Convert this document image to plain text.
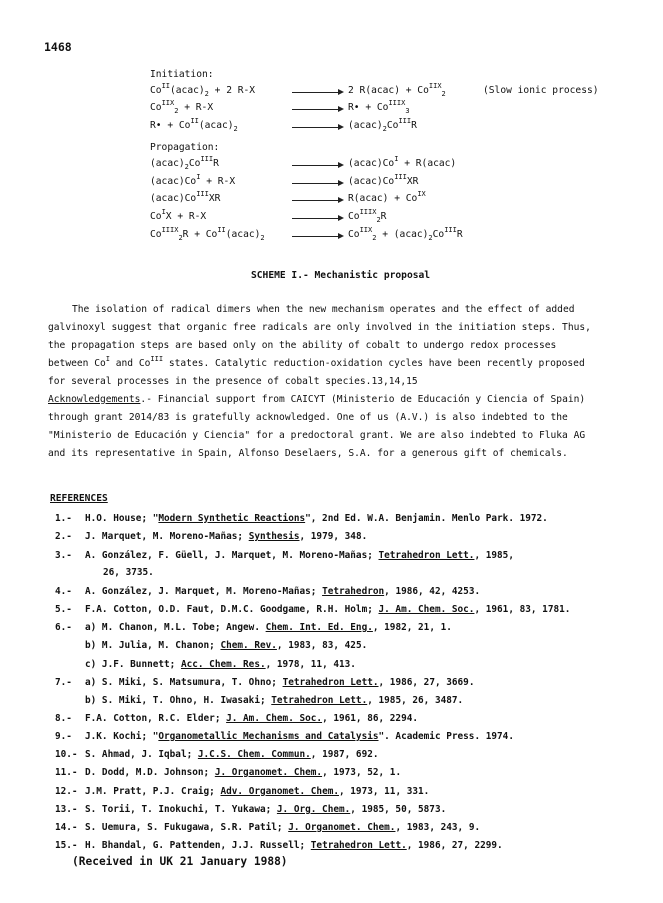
1468
Initiation:
Propagation:
$Co^{II}(acac)_2 + 2$ R-X → 2 R(acac) + $Co^{IIX}_2$	(Slow ionic process)
$Co^{IIX}_2 + R-X$	→ R• + $Co^{IIIX}_3$
R• + $Co^{II}(acac)_2$	→ $(acac)_2Co^{III}R$
$(acac)_2Co^{III}R$	→ $(acac)Co^I$ + R(acac)
$(acac)Co^I + R-X$	→ $(acac)Co^{III}XR$
$(acac)Co^{III}XR$	→ R(acac) + $Co^{IX}$
$Co^IX + R-X$	→ $Co^{IIIX}_2R$
$Co^{IIIX}_2R$ + $Co^{II}(acac)_2 \to Co^{IIX}_2$ + $(acac)_2Co^{III}R$
SCHEME I.- Mechanistic proposal
The isolation of radical dimers when the new mechanism operates and the effect of added
galvinoxyl suggest that organic free radicals are only involved in the initiation steps. Thus,
the propagation steps are based only on the ability of cobalt to undergo redox processes
between $Co^I$ and $Co^{III}$ states. Catalytic reduction-oxidation cycles have been recently proposed
for several processes in the presence of cobalt species.13,14,15
Acknowledgements.- Financial support from CAICYT (Ministerio de Educación y Ciencia of Spain)
through grant 2014/83 is gratefully acknowledged. One of us (A.V.) is also indebted to the
"Ministerio de Educación y Ciencia" for a predoctoral grant. We are also indebted to Fluka AG
and its representative in Spain, Alfonso Deselaers, S.A. for a generous gift of chemicals.
REFERENCES
1.- H.O. House; "Modern Synthetic Reactions", 2nd Ed. W.A. Benjamin. Menlo Park. 1972.
2.- J. Marquet, M. Moreno-Mañas; Synthesis, 1979, 348.
3.- A. González, F. Güell, J. Marquet, M. Moreno-Mañas; Tetrahedron Lett., 1985,
26, 3735.
4.- A. González, J. Marquet, M. Moreno-Mañas; Tetrahedron, 1986, 42, 4253.
5.- F.A. Cotton, O.D. Faut, D.M.C. Goodgame, R.H. Holm; J. Am. Chem. Soc., 1961, 83, 1781.
6.- a) M. Chanon, M.L. Tobe; Angew. Chem. Int. Ed. Eng., 1982, 21, 1.
b) M. Julia, M. Chanon; Chem. Rev., 1983, 83, 425.
c) J.F. Bunnett; Acc. Chem. Res., 1978, 11, 413.
7.- a) S. Miki, S. Matsumura, T. Ohno; Tetrahedron Lett., 1986, 27, 3669.
b) S. Miki, T. Ohno, H. Iwasaki; Tetrahedron Lett., 1985, 26, 3487.
8.- F.A. Cotton, R.C. Elder; J. Am. Chem. Soc., 1961, 86, 2294.
9.- J.K. Kochi; "Organometallic Mechanisms and Catalysis". Academic Press. 1974.
10.- S. Ahmad, J. Iqbal; J.C.S. Chem. Commun., 1987, 692.
11.- D. Dodd, M.D. Johnson; J. Organomet. Chem., 1973, 52, 1.
12.- J.M. Pratt, P.J. Craig; Adv. Organomet. Chem., 1973, 11, 331.
13.- S. Torii, T. Inokuchi, T. Yukawa; J. Org. Chem., 1985, 50, 5873.
14.- S. Uemura, S. Fukugawa, S.R. Patil; J. Organomet. Chem., 1983, 243, 9.
15.- H. Bhandal, G. Pattenden, J.J. Russell; Tetrahedron Lett., 1986, 27, 2299.
(Received in UK 21 January 1988)
